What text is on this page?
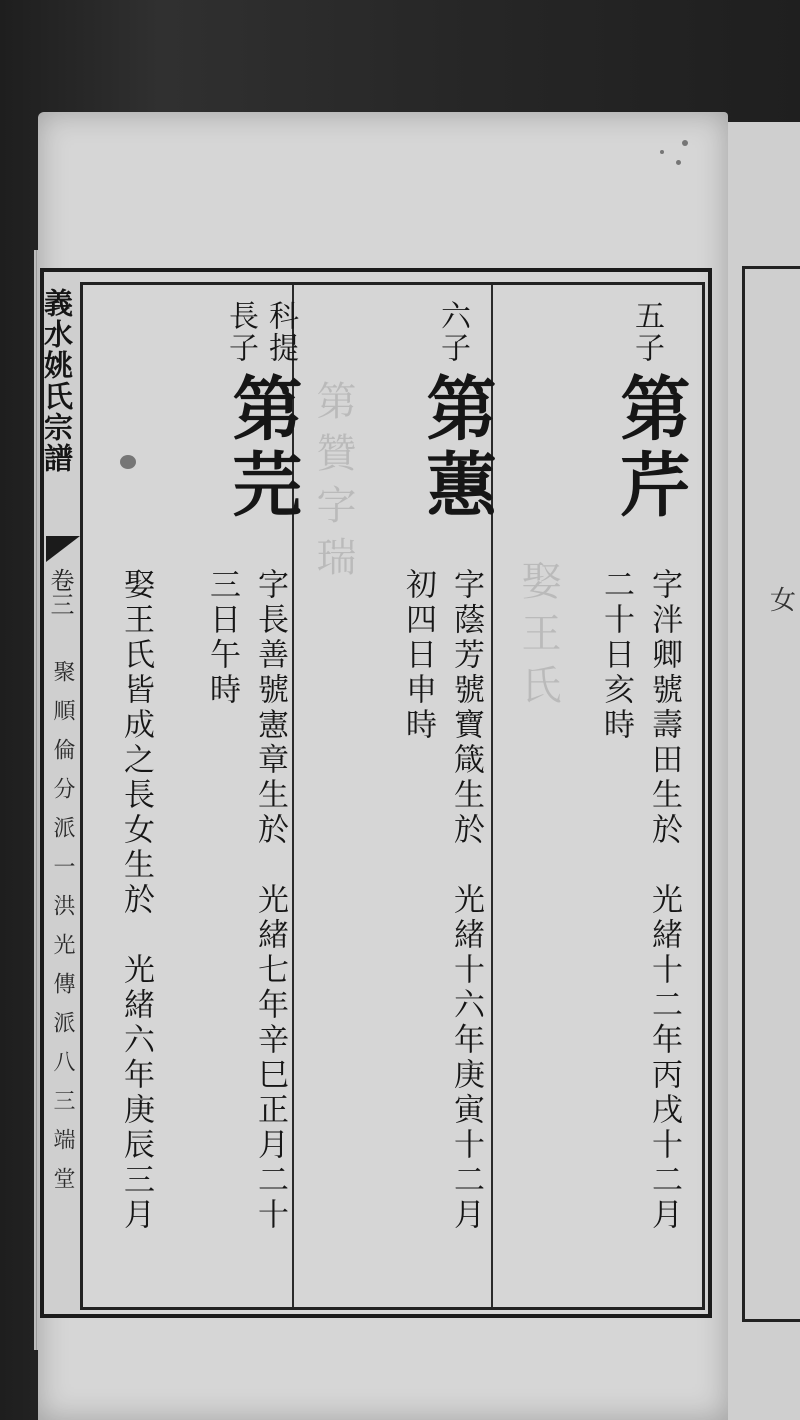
女
義水姚氏宗譜
卷三
聚 順 倫 分 派 一 洪 光 傳 派 八 三 端 堂
第贊字瑞
娶王氏
五子
第芹
字泮卿號壽田生於　光緒十二年丙戌十二月
二十日亥時
六子
第蕙
字蔭芳號寶箴生於　光緒十六年庚寅十二月
初四日申時
科提
長子
第芫
字長善號憲章生於　光緒七年辛巳正月二十
三日午時
娶王氏皆成之長女生於　光緒六年庚辰三月
